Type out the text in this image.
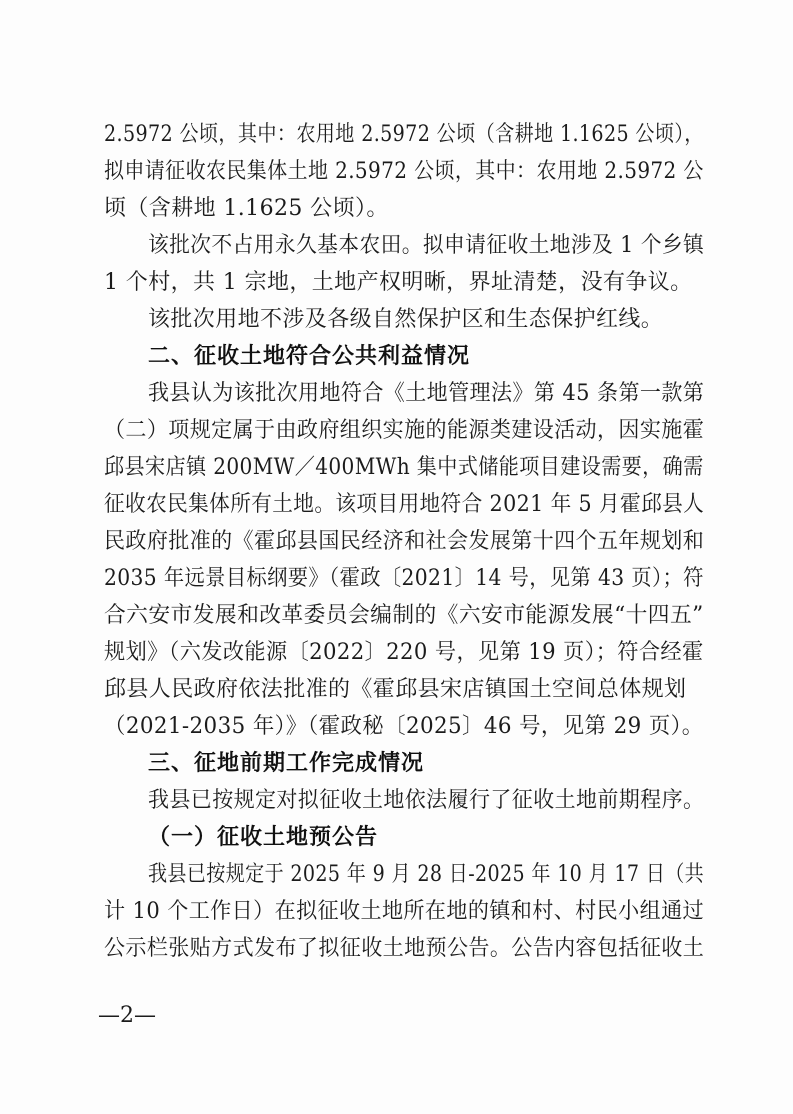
2.5972 公顷，其中：农用地 2.5972 公顷（含耕地 1.1625 公顷），
拟申请征收农民集体土地 2.5972 公顷，其中：农用地 2.5972 公
顷（含耕地 1.1625 公顷）。
该批次不占用永久基本农田。拟申请征收土地涉及 1 个乡镇
1 个村，共 1 宗地，土地产权明晰，界址清楚，没有争议。
该批次用地不涉及各级自然保护区和生态保护红线。
二、征收土地符合公共利益情况
我县认为该批次用地符合《土地管理法》第 45 条第一款第
（二）项规定属于由政府组织实施的能源类建设活动，因实施霍
邱县宋店镇 200MW／400MWh 集中式储能项目建设需要，确需
征收农民集体所有土地。该项目用地符合 2021 年 5 月霍邱县人
民政府批准的《霍邱县国民经济和社会发展第十四个五年规划和
2035 年远景目标纲要》（霍政〔2021〕14 号，见第 43 页）；符
合六安市发展和改革委员会编制的《六安市能源发展“十四五”
规划》（六发改能源〔2022〕220 号，见第 19 页）；符合经霍
邱县人民政府依法批准的《霍邱县宋店镇国土空间总体规划
（2021-2035 年）》（霍政秘〔2025〕46 号，见第 29 页）。
三、征地前期工作完成情况
我县已按规定对拟征收土地依法履行了征收土地前期程序。
（一）征收土地预公告
我县已按规定于 2025 年 9 月 28 日-2025 年 10 月 17 日（共
计 10 个工作日）在拟征收土地所在地的镇和村、村民小组通过
公示栏张贴方式发布了拟征收土地预公告。公告内容包括征收土
—2—
